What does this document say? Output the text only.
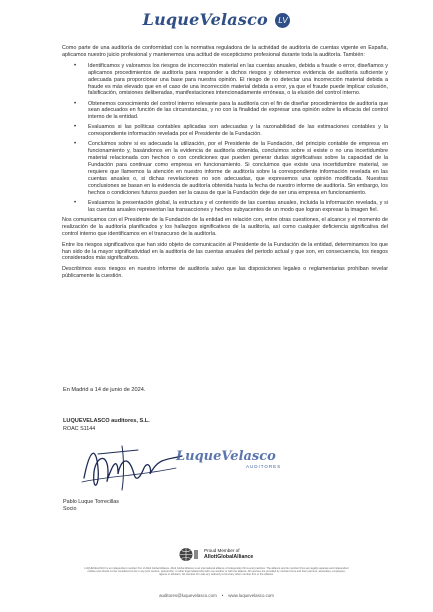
LuqueVelasco LV

Como parte de una auditoría de conformidad con la normativa reguladora de la actividad de auditoría de cuentas vigente en España, aplicamos nuestro juicio profesional y mantenemos una actitud de escepticismo profesional durante toda la auditoría. También:

• Identificamos y valoramos los riesgos de incorrección material en las cuentas anuales, debida a fraude o error, diseñamos y aplicamos procedimientos de auditoría para responder a dichos riesgos y obtenemos evidencia de auditoría suficiente y adecuada para proporcionar una base para nuestra opinión. El riesgo de no detectar una incorrección material debida a fraude es más elevado que en el caso de una incorrección material debida a error, ya que el fraude puede implicar colusión, falsificación, omisiones deliberadas, manifestaciones intencionadamente erróneas, o la elusión del control interno.
• Obtenemos conocimiento del control interno relevante para la auditoría con el fin de diseñar procedimientos de auditoría que sean adecuados en función de las circunstancias, y no con la finalidad de expresar una opinión sobre la eficacia del control interno de la entidad.
• Evaluamos si las políticas contables aplicadas son adecuadas y la razonabilidad de las estimaciones contables y la correspondiente información revelada por el Presidente de la Fundación.
• Concluimos sobre si es adecuada la utilización, por el Presidente de la Fundación, del principio contable de empresa en funcionamiento y, basándonos en la evidencia de auditoría obtenida, concluimos sobre si existe o no una incertidumbre material relacionada con hechos o con condiciones que pueden generar dudas significativas sobre la capacidad de la Fundación para continuar como empresa en funcionamiento. Si concluimos que existe una incertidumbre material, se requiere que llamemos la atención en nuestro informe de auditoría sobre la correspondiente información revelada en las cuentas anuales o, si dichas revelaciones no son adecuadas, que expresemos una opinión modificada. Nuestras conclusiones se basan en la evidencia de auditoría obtenida hasta la fecha de nuestro informe de auditoría. Sin embargo, los hechos o condiciones futuros pueden ser la causa de que la Fundación deje de ser una empresa en funcionamiento.
• Evaluamos la presentación global, la estructura y el contenido de las cuentas anuales, incluida la información revelada, y si las cuentas anuales representan las transacciones y hechos subyacentes de un modo que logran expresar la imagen fiel.

Nos comunicamos con el Presidente de la Fundación de la entidad en relación con, entre otras cuestiones, el alcance y el momento de realización de la auditoría planificados y los hallazgos significativos de la auditoría, así como cualquier deficiencia significativa del control interno que identificamos en el transcurso de la auditoría.

Entre los riesgos significativos que han sido objeto de comunicación al Presidente de la Fundación de la entidad, determinamos los que han sido de la mayor significatividad en la auditoría de las cuentas anuales del periodo actual y que son, en consecuencia, los riesgos considerados más significativos.

Describimos esos riesgos en nuestro informe de auditoría salvo que las disposiciones legales o reglamentarias prohíban revelar públicamente la cuestión.

En Madrid a 14 de junio de 2024.
LUQUEVELASCO auditores, S.L.
ROAC S1144
LuqueVelasco
AUDITORES
Pablo Luque Torrecillas
Socio
Proud Member of
AllottGlobalAlliance
LUQUEVELASCO is an independent member firm of Allott Global Alliance. Allott Global Alliance is an international alliance of independent firms and practices. The alliance and its member firms are legally separate and independent entities and should not be considered to be in any joint venture, partnership, or other legal relationship with one another or with the alliance. All services are provided by member firms and their partners, associates, employees, agents or advisers. No member firm has any authority to bind any other member firm or the alliance.
auditores@luquevelasco.com • www.luquevelasco.com
